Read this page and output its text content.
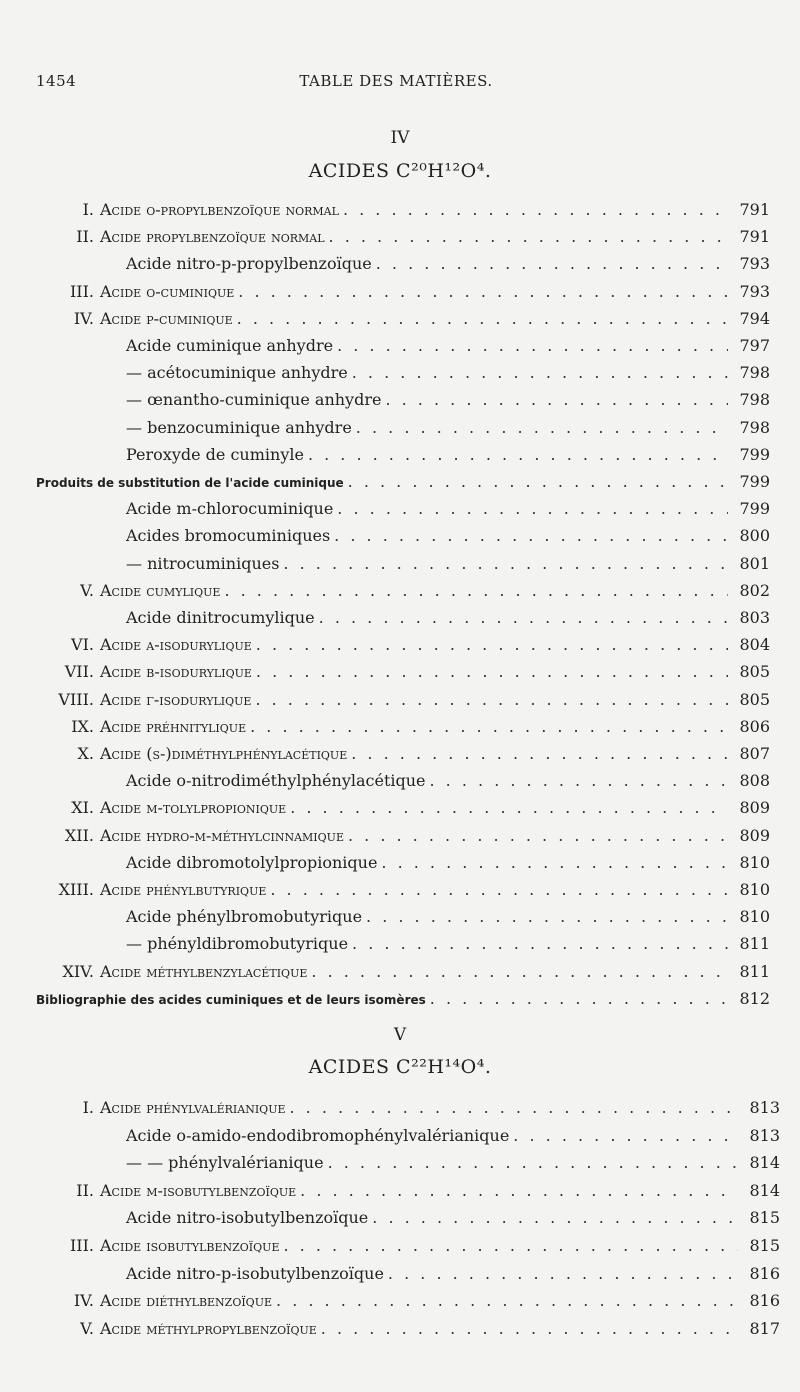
1454	TABLE DES MATIÈRES.
IV
ACIDES C²⁰H¹²O⁴.
I. Acide o-propylbenzoïque normal . . .	791
II. Acide propylbenzoïque normal . . .	791
Acide nitro-p-propylbenzoïque . . .	793
III. Acide o-cuminique . . .	793
IV. Acide p-cuminique . . .	794
Acide cuminique anhydre . . .	797
— acétocuminique anhydre . . .	798
— œnantho-cuminique anhydre . . .	798
— benzocuminique anhydre . . .	798
Peroxyde de cuminyle . . .	799
Produits de substitution de l'acide cuminique . . .	799
Acide m-chlorocuminique . . .	799
Acides bromocuminiques . . .	800
— nitrocuminiques . . .	801
V. Acide cumylique . . .	802
Acide dinitrocumylique . . .	803
VI. Acide α-isodurylique . . .	804
VII. Acide β-isodurylique . . .	805
VIII. Acide γ-isodurylique . . .	805
IX. Acide préhnitylique . . .	806
X. Acide (s-)diméthylphénylacétique . . .	807
Acide o-nitrodiméthylphénylacétique . . .	808
XI. Acide m-tolylpropionique . . .	809
XII. Acide hydro-m-méthylcinnamique . . .	809
Acide dibromotolylpropionique . . .	810
XIII. Acide phénylbutyrique . . .	810
Acide phénylbromobutyrique . . .	810
— phényldibromobutyrique . . .	811
XIV. Acide méthylbenzylacétique . . .	811
Bibliographie des acides cuminiques et de leurs isomères . . .	812
V
ACIDES C²²H¹⁴O⁴.
I. Acide phénylvalérianique . . .	813
Acide o-amido-endodibromophénylvalérianique . . .	813
— — phénylvalérianique . . .	814
II. Acide m-isobutylbenzoïque . . .	814
Acide nitro-isobutylbenzoïque . . .	815
III. Acide isobutylbenzoïque . . .	815
Acide nitro-p-isobutylbenzoïque . . .	816
IV. Acide diéthylbenzoïque . . .	816
V. Acide méthylpropylbenzoïque . . .	817
